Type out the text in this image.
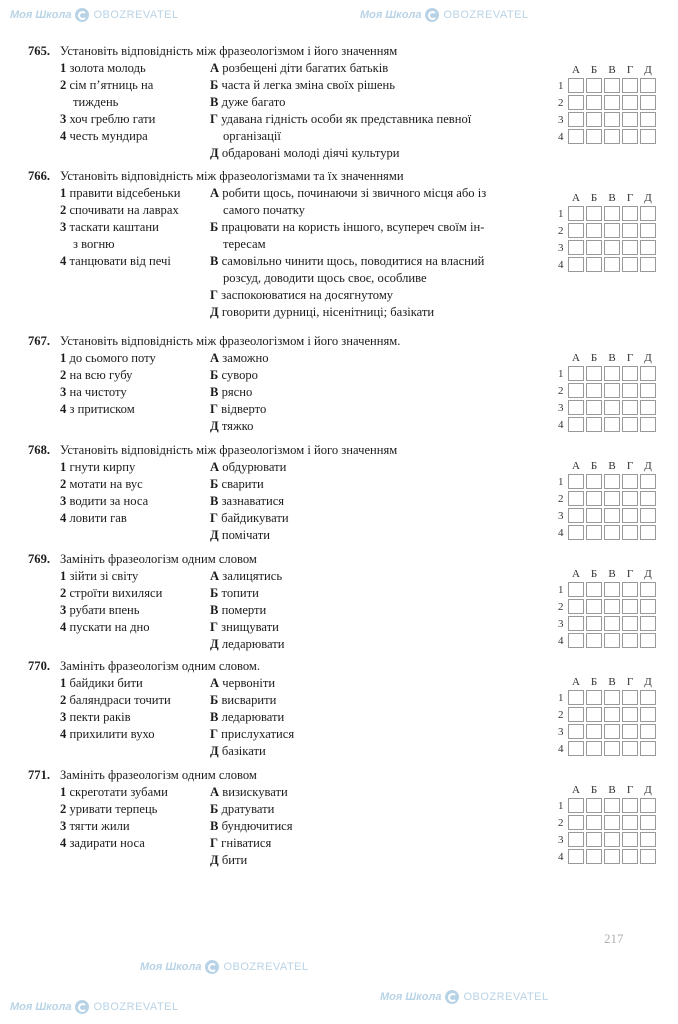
Моя Школа OBOZREVATEL	Моя Школа OBOZREVATEL
Моя Школа OBOZREVATEL
Моя Школа OBOZREVATEL
Моя Школа OBOZREVATEL
765. Установіть відповідність між фразеологізмом і його значенням
1 золота молодь
2 сім п’ятниць на
тиждень
3 хоч греблю гати
4 честь мундира
А розбещені діти багатих батьків
Б часта й легка зміна своїх рішень
В дуже багато
Г удавана гідність особи як представника певної
організації
Д обдаровані молоді діячі культури
766. Установіть відповідність між фразеологізмами та їх значеннями
1 правити відсебеньки
2 спочивати на лаврах
3 таскати каштани
з вогню
4 танцювати від печі
А робити щось, починаючи зі звичного місця або із
самого початку
Б працювати на користь іншого, всупереч своїм ін-
тересам
В самовільно чинити щось, поводитися на власний
розсуд, доводити щось своє, особливе
Г заспокоюватися на досягнутому
Д говорити дурниці, нісенітниці; базікати
767. Установіть відповідність між фразеологізмом і його значенням.
1 до сьомого поту
2 на всю губу
3 на чистоту
4 з притиском
А заможно
Б суворо
В рясно
Г відверто
Д тяжко
768. Установіть відповідність між фразеологізмом і його значенням
1 гнути кирпу
2 мотати на вус
3 водити за носа
4 ловити гав
А обдурювати
Б сварити
В зазнаватися
Г байдикувати
Д помічати
769. Замініть фразеологізм одним словом
1 зійти зі світу
2 строїти вихиляси
3 рубати впень
4 пускати на дно
А залицятись
Б топити
В померти
Г знищувати
Д ледарювати
770. Замініть фразеологізм одним словом.
1 байдики бити
2 баляндраси точити
3 пекти раків
4 прихилити вухо
А червоніти
Б висварити
В ледарювати
Г прислухатися
Д базікати
771. Замініть фразеологізм одним словом
1 скреготати зубами
2 уривати терпець
3 тягти жили
4 задирати носа
А визискувати
Б дратувати
В бундючитися
Г гніватися
Д бити
	А	Б	В	Г	Д
1					
2					
3					
4					
	А	Б	В	Г	Д
1					
2					
3					
4					
	А	Б	В	Г	Д
1					
2					
3					
4					
	А	Б	В	Г	Д
1					
2					
3					
4					
	А	Б	В	Г	Д
1					
2					
3					
4					
	А	Б	В	Г	Д
1					
2					
3					
4					
	А	Б	В	Г	Д
1					
2					
3					
4					
217
